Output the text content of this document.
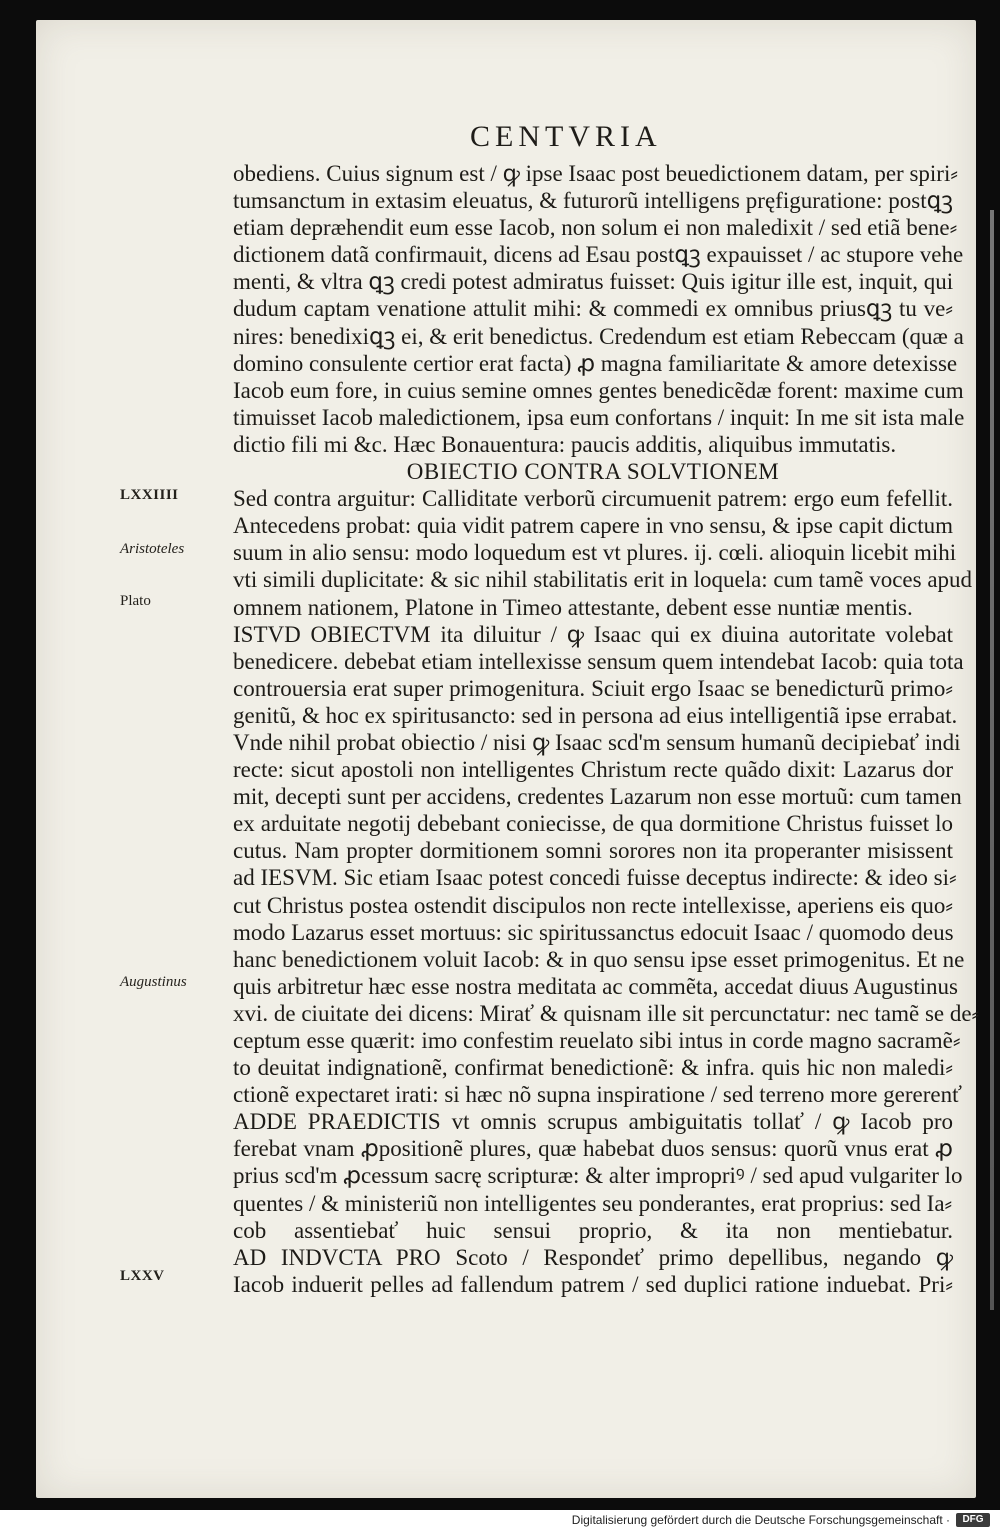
CENTVRIA
LXXIIII
Aristoteles
Plato
Augustinus
LXXV
obediens. Cuius signum est / ꝙ ipse Isaac post beuedictionem datam, per spiri⸗
tumsanctum in extasim eleuatus, & futurorũ intelligens pręfiguratione: postꝗꝫ
etiam depræhendit eum esse Iacob, non solum ei non maledixit / sed etiã bene⸗
dictionem datã confirmauit, dicens ad Esau postꝗꝫ expauisset / ac stupore vehe
menti, & vltra ꝗꝫ credi potest admiratus fuisset: Quis igitur ille est, inquit, qui
dudum captam venatione attulit mihi: & commedi ex omnibus priusꝗꝫ tu ve⸗
nires: benedixiꝗꝫ ei, & erit benedictus. Credendum est etiam Rebeccam (quæ a
domino consulente certior erat facta) ꝓ magna familiaritate & amore detexisse
Iacob eum fore, in cuius semine omnes gentes benedicẽdæ forent: maxime cum
timuisset Iacob maledictionem, ipsa eum confortans / inquit: In me sit ista male
dictio fili mi &c. Hæc Bonauentura: paucis additis, aliquibus immutatis.
OBIECTIO CONTRA SOLVTIONEM
Sed contra arguitur: Calliditate verborũ circumuenit patrem: ergo eum fefellit.
Antecedens probat: quia vidit patrem capere in vno sensu, & ipse capit dictum
suum in alio sensu: modo loquedum est vt plures. ij. cœli. alioquin licebit mihi
vti simili duplicitate: & sic nihil stabilitatis erit in loquela: cum tamẽ voces apud
omnem nationem, Platone in Timeo attestante, debent esse nuntiæ mentis.
ISTVD OBIECTVM ita diluitur / ꝙ Isaac qui ex diuina autoritate volebat
benedicere. debebat etiam intellexisse sensum quem intendebat Iacob: quia tota
controuersia erat super primogenitura. Sciuit ergo Isaac se benedicturũ primo⸗
genitũ, & hoc ex spiritusancto: sed in persona ad eius intelligentiã ipse errabat.
Vnde nihil probat obiectio / nisi ꝙ Isaac scd'm sensum humanũ decipiebať indi
recte: sicut apostoli non intelligentes Christum recte quãdo dixit: Lazarus dor
mit, decepti sunt per accidens, credentes Lazarum non esse mortuũ: cum tamen
ex arduitate negotij debebant coniecisse, de qua dormitione Christus fuisset lo
cutus. Nam propter dormitionem somni sorores non ita properanter misissent
ad IESVM. Sic etiam Isaac potest concedi fuisse deceptus indirecte: & ideo si⸗
cut Christus postea ostendit discipulos non recte intellexisse, aperiens eis quo⸗
modo Lazarus esset mortuus: sic spiritussanctus edocuit Isaac / quomodo deus
hanc benedictionem voluit Iacob: & in quo sensu ipse esset primogenitus. Et ne
quis arbitretur hæc esse nostra meditata ac commẽta, accedat diuus Augustinus
xvi. de ciuitate dei dicens: Mirať & quisnam ille sit percunctatur: nec tamẽ se de⸗
ceptum esse quærit: imo confestim reuelato sibi intus in corde magno sacramẽ⸗
to deuitat indignationẽ, confirmat benedictionẽ: & infra. quis hic non maledi⸗
ctionẽ expectaret irati: si hæc nõ supna inspiratione / sed terreno more gererenť
ADDE PRAEDICTIS vt omnis scrupus ambiguitatis tollať / ꝙ Iacob pro
ferebat vnam ꝓpositionẽ plures, quæ habebat duos sensus: quorũ vnus erat ꝓ
prius scd'm ꝓcessum sacrę scripturæ: & alter impropriꝰ / sed apud vulgariter lo
quentes / & ministeriũ non intelligentes seu ponderantes, erat proprius: sed Ia⸗
cob assentiebať huic sensui proprio, & ita non mentiebatur.
AD INDVCTA PRO Scoto / Respondeť primo depellibus, negando ꝙ
Iacob induerit pelles ad fallendum patrem / sed duplici ratione induebat. Pri⸗
Digitalisierung gefördert durch die Deutsche Forschungsgemeinschaft ·	DFG
